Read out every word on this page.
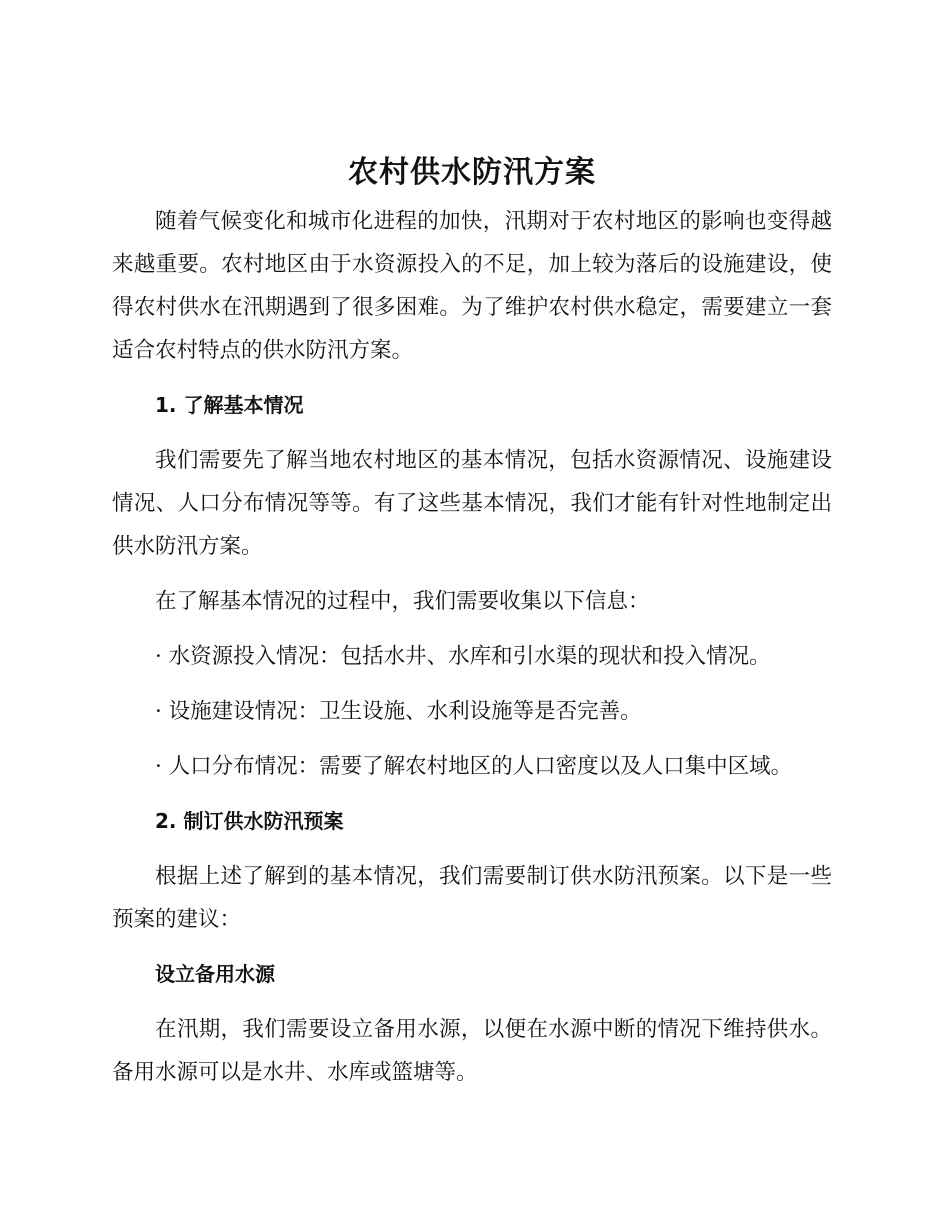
农村供水防汛方案

随着气候变化和城市化进程的加快，汛期对于农村地区的影响也变得越来越重要。农村地区由于水资源投入的不足，加上较为落后的设施建设，使得农村供水在汛期遇到了很多困难。为了维护农村供水稳定，需要建立一套适合农村特点的供水防汛方案。

1. 了解基本情况

我们需要先了解当地农村地区的基本情况，包括水资源情况、设施建设情况、人口分布情况等等。有了这些基本情况，我们才能有针对性地制定出供水防汛方案。

在了解基本情况的过程中，我们需要收集以下信息：

· 水资源投入情况：包括水井、水库和引水渠的现状和投入情况。

· 设施建设情况：卫生设施、水利设施等是否完善。

· 人口分布情况：需要了解农村地区的人口密度以及人口集中区域。

2. 制订供水防汛预案

根据上述了解到的基本情况，我们需要制订供水防汛预案。以下是一些预案的建议：

设立备用水源

在汛期，我们需要设立备用水源，以便在水源中断的情况下维持供水。备用水源可以是水井、水库或篮塘等。
